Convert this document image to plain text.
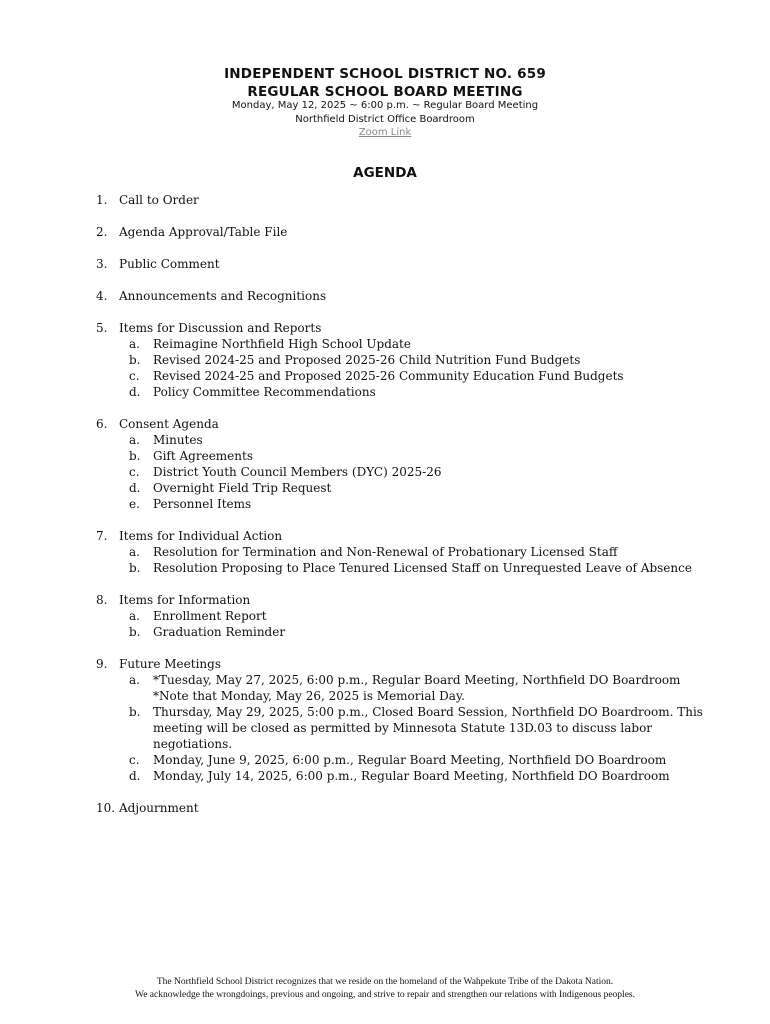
INDEPENDENT SCHOOL DISTRICT NO. 659
REGULAR SCHOOL BOARD MEETING
Monday, May 12, 2025 ~ 6:00 p.m. ~ Regular Board Meeting
Northfield District Office Boardroom
Zoom Link
AGENDA
1. Call to Order
2. Agenda Approval/Table File
3. Public Comment
4. Announcements and Recognitions
5. Items for Discussion and Reports
a. Reimagine Northfield High School Update
b. Revised 2024-25 and Proposed 2025-26 Child Nutrition Fund Budgets
c. Revised 2024-25 and Proposed 2025-26 Community Education Fund Budgets
d. Policy Committee Recommendations
6. Consent Agenda
a. Minutes
b. Gift Agreements
c. District Youth Council Members (DYC) 2025-26
d. Overnight Field Trip Request
e. Personnel Items
7. Items for Individual Action
a. Resolution for Termination and Non-Renewal of Probationary Licensed Staff
b. Resolution Proposing to Place Tenured Licensed Staff on Unrequested Leave of Absence
8. Items for Information
a. Enrollment Report
b. Graduation Reminder
9. Future Meetings
a. *Tuesday, May 27, 2025, 6:00 p.m., Regular Board Meeting, Northfield DO Boardroom
*Note that Monday, May 26, 2025 is Memorial Day.
b. Thursday, May 29, 2025, 5:00 p.m., Closed Board Session, Northfield DO Boardroom. This meeting will be closed as permitted by Minnesota Statute 13D.03 to discuss labor negotiations.
c. Monday, June 9, 2025, 6:00 p.m., Regular Board Meeting, Northfield DO Boardroom
d. Monday, July 14, 2025, 6:00 p.m., Regular Board Meeting, Northfield DO Boardroom
10. Adjournment
The Northfield School District recognizes that we reside on the homeland of the Wahpekute Tribe of the Dakota Nation.
We acknowledge the wrongdoings, previous and ongoing, and strive to repair and strengthen our relations with Indigenous peoples.
